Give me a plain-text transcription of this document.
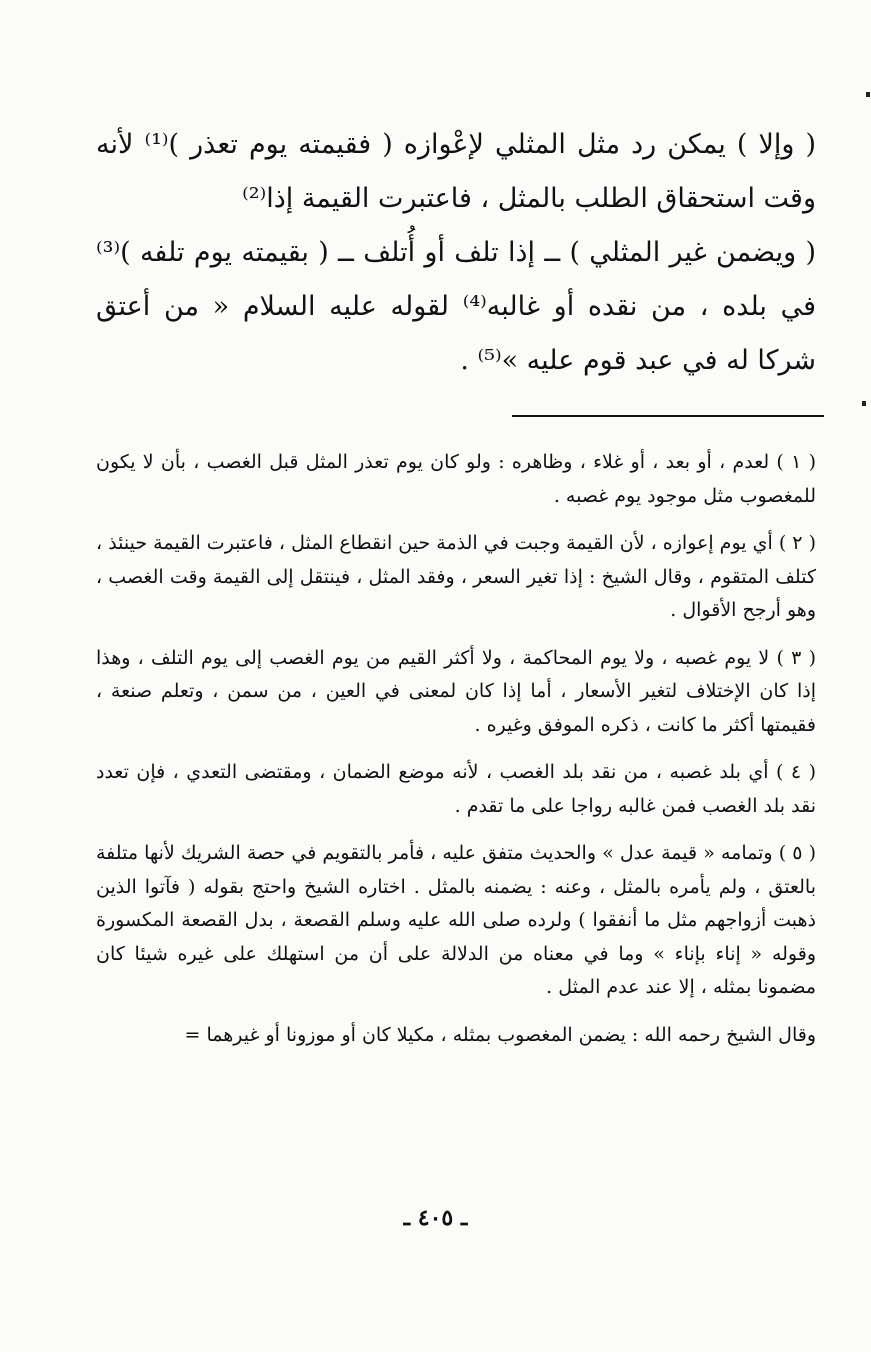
( وإلا ) يمكن رد مثل المثلي لإعْوازه ( فقيمته يوم تعذر )⁽¹⁾ لأنه وقت استحقاق الطلب بالمثل ، فاعتبرت القيمة إذا⁽²⁾

( ويضمن غير المثلي ) ــ إذا تلف أو أُتلف ــ ( بقيمته يوم تلفه )⁽³⁾ في بلده ، من نقده أو غالبه⁽⁴⁾ لقوله عليه السلام « من أعتق شركا له في عبد قوم عليه »⁽⁵⁾ .

( ١ ) لعدم ، أو بعد ، أو غلاء ، وظاهره : ولو كان يوم تعذر المثل قبل الغصب ، بأن لا يكون للمغصوب مثل موجود يوم غصبه .

( ٢ ) أي يوم إعوازه ، لأن القيمة وجبت في الذمة حين انقطاع المثل ، فاعتبرت القيمة حينئذ ، كتلف المتقوم ، وقال الشيخ : إذا تغير السعر ، وفقد المثل ، فينتقل إلى القيمة وقت الغصب ، وهو أرجح الأقوال .

( ٣ ) لا يوم غصبه ، ولا يوم المحاكمة ، ولا أكثر القيم من يوم الغصب إلى يوم التلف ، وهذا إذا كان الإختلاف لتغير الأسعار ، أما إذا كان لمعنى في العين ، من سمن ، وتعلم صنعة ، فقيمتها أكثر ما كانت ، ذكره الموفق وغيره .

( ٤ ) أي بلد غصبه ، من نقد بلد الغصب ، لأنه موضع الضمان ، ومقتضى التعدي ، فإن تعدد نقد بلد الغصب فمن غالبه رواجا على ما تقدم .

( ٥ ) وتمامه « قيمة عدل » والحديث متفق عليه ، فأمر بالتقويم في حصة الشريك لأنها متلفة بالعتق ، ولم يأمره بالمثل ، وعنه : يضمنه بالمثل . اختاره الشيخ واحتج بقوله ( فآتوا الذين ذهبت أزواجهم مثل ما أنفقوا ) ولرده صلى الله عليه وسلم القصعة ، بدل القصعة المكسورة وقوله « إناء بإناء » وما في معناه من الدلالة على أن من استهلك على غيره شيئا كان مضمونا بمثله ، إلا عند عدم المثل .

وقال الشيخ رحمه الله : يضمن المغصوب بمثله ، مكيلا كان أو موزونا أو غيرهما =

ـ ٤٠٥ ـ
